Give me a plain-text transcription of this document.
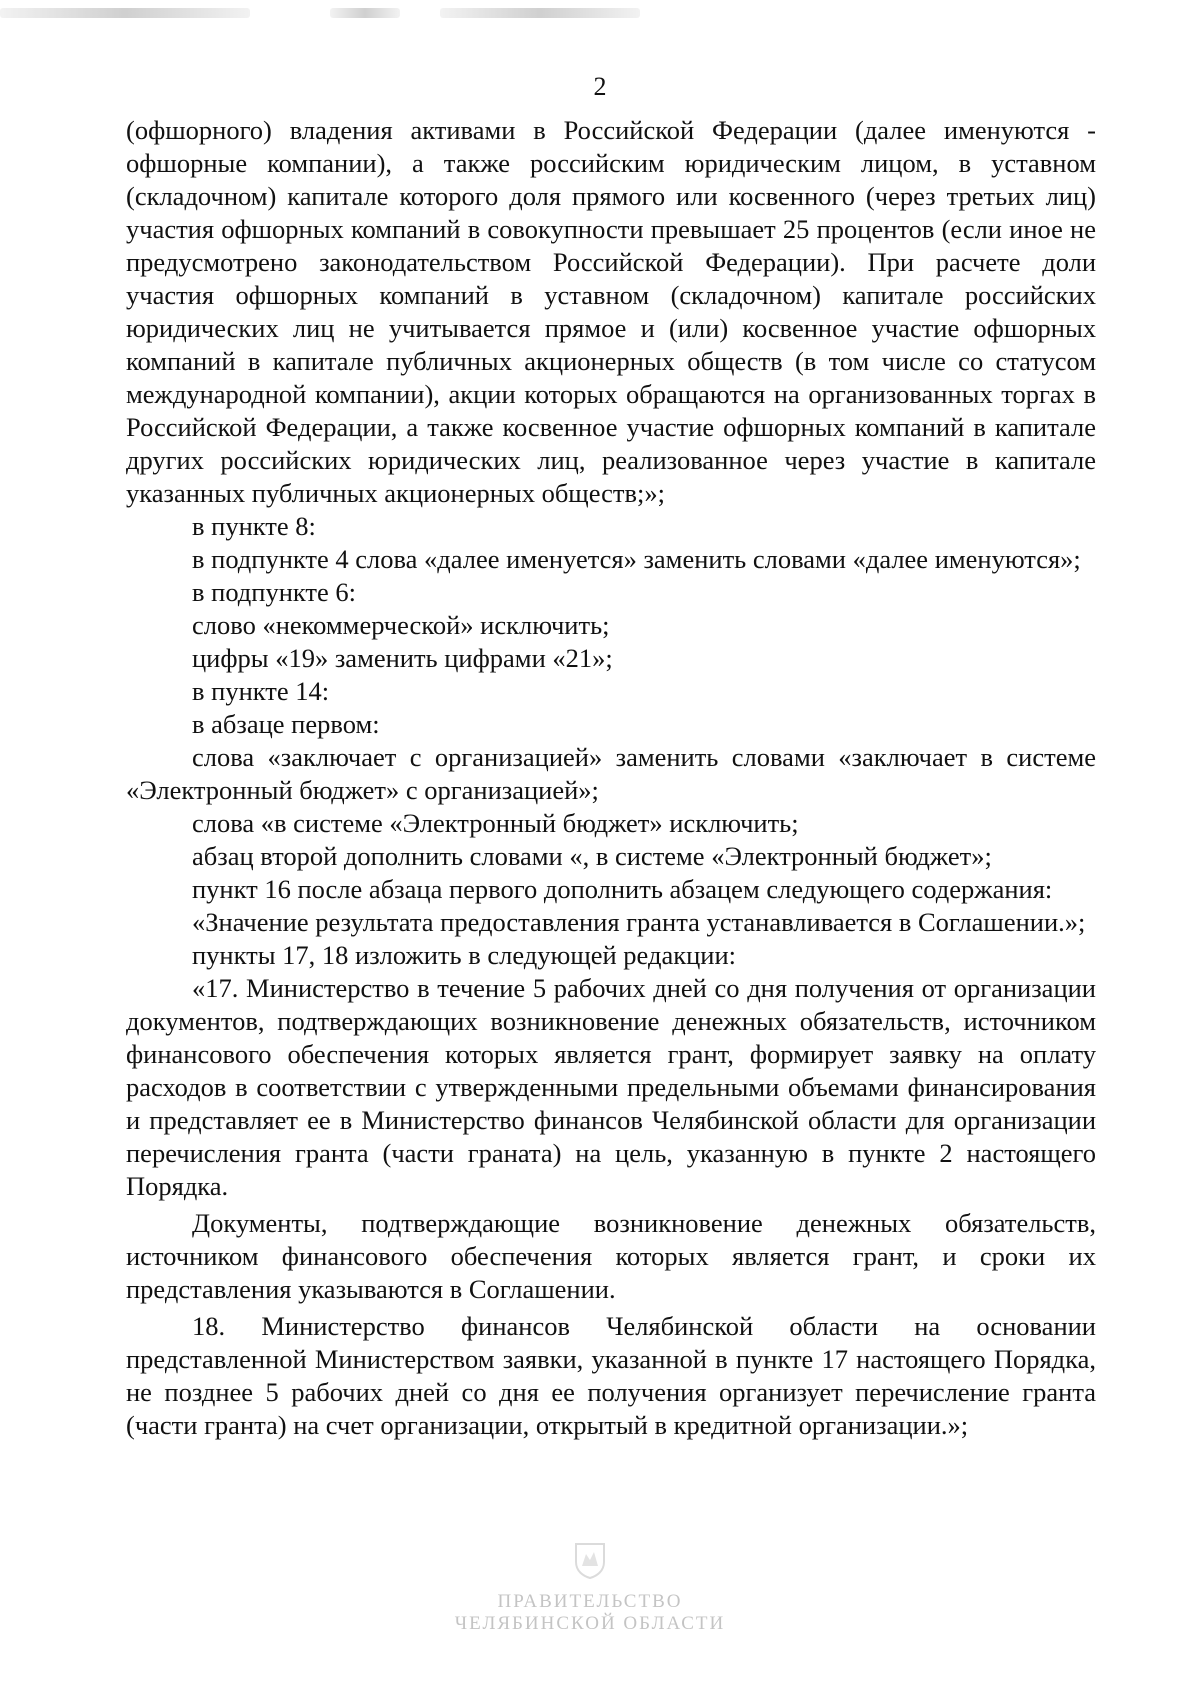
2

(офшорного) владения активами в Российской Федерации (далее именуются - офшорные компании), а также российским юридическим лицом, в уставном (складочном) капитале которого доля прямого или косвенного (через третьих лиц) участия офшорных компаний в совокупности превышает 25 процентов (если иное не предусмотрено законодательством Российской Федерации). При расчете доли участия офшорных компаний в уставном (складочном) капитале российских юридических лиц не учитывается прямое и (или) косвенное участие офшорных компаний в капитале публичных акционерных обществ (в том числе со статусом международной компании), акции которых обращаются на организованных торгах в Российской Федерации, а также косвенное участие офшорных компаний в капитале других российских юридических лиц, реализованное через участие в капитале указанных публичных акционерных обществ;»;

в пункте 8:

в подпункте 4 слова «далее именуется» заменить словами «далее именуются»;

в подпункте 6:

слово «некоммерческой» исключить;

цифры «19» заменить цифрами «21»;

в пункте 14:

в абзаце первом:

слова «заключает с организацией» заменить словами «заключает в системе «Электронный бюджет» с организацией»;

слова «в системе «Электронный бюджет» исключить;

абзац второй дополнить словами «, в системе «Электронный бюджет»;

пункт 16 после абзаца первого дополнить абзацем следующего содержания:

«Значение результата предоставления гранта устанавливается в Соглашении.»;

пункты 17, 18 изложить в следующей редакции:

«17. Министерство в течение 5 рабочих дней со дня получения от организации документов, подтверждающих возникновение денежных обязательств, источником финансового обеспечения которых является грант, формирует заявку на оплату расходов в соответствии с утвержденными предельными объемами финансирования и представляет ее в Министерство финансов Челябинской области для организации перечисления гранта (части граната) на цель, указанную в пункте 2 настоящего Порядка.

Документы, подтверждающие возникновение денежных обязательств, источником финансового обеспечения которых является грант, и сроки их представления указываются в Соглашении.

18. Министерство финансов Челябинской области на основании представленной Министерством заявки, указанной в пункте 17 настоящего Порядка, не позднее 5 рабочих дней со дня ее получения организует перечисление гранта (части гранта) на счет организации, открытый в кредитной организации.»;

ПРАВИТЕЛЬСТВО
ЧЕЛЯБИНСКОЙ ОБЛАСТИ
